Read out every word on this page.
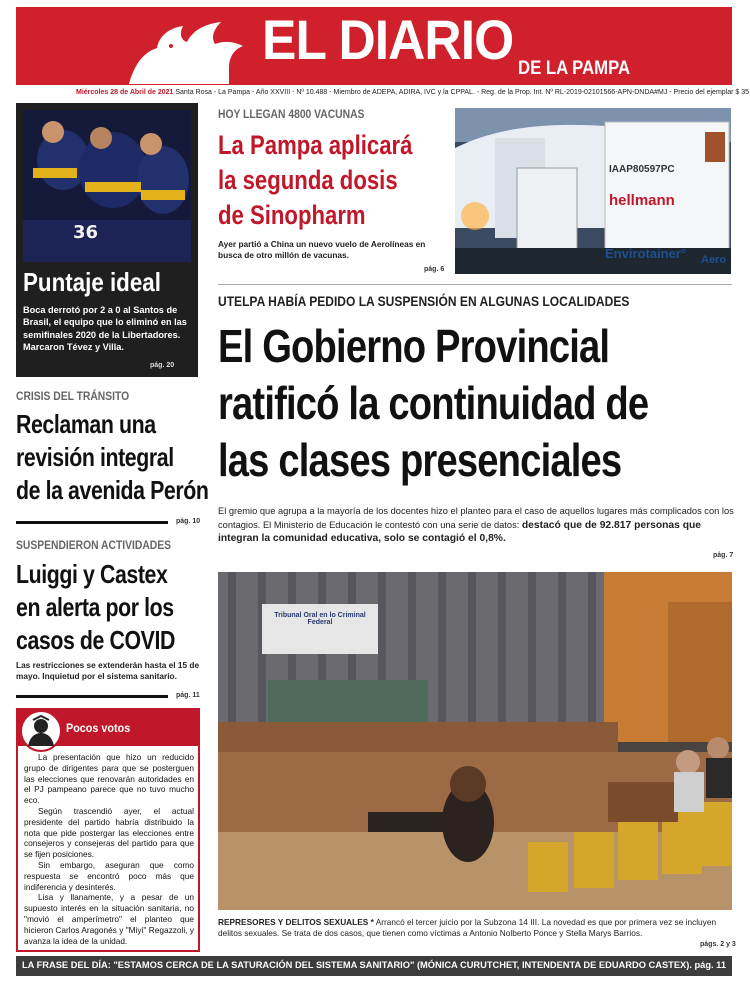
EL DIARIO DE LA PAMPA
Miércoles 28 de Abril de 2021 Santa Rosa - La Pampa - Año XXVIII - Nº 10.488 - Miembro de ADEPA, ADIRA, IVC y la CPPAL. - Reg. de la Prop. Int. Nº RL-2019-02101566-APN-DNDA#MJ - Precio del ejemplar $ 35
36
Puntaje ideal
Boca derrotó por 2 a 0 al Santos de Brasil, el equipo que lo eliminó en las semifinales 2020 de la Libertadores. Marcaron Tévez y Villa.
pág. 20
CRISIS DEL TRÁNSITO
Reclaman una
revisión integral
de la avenida Perón
pág. 10
SUSPENDIERON ACTIVIDADES
Luiggi y Castex
en alerta por los
casos de COVID
Las restricciones se extenderán hasta el 15 de mayo. Inquietud por el sistema sanitario.
pág. 11
Pocos votos

La presentación que hizo un reducido grupo de dirigentes para que se posterguen las elecciones que renovarán autoridades en el PJ pampeano parece que no tuvo mucho eco.

Según trascendió ayer, el actual presidente del partido habría distribuido la nota que pide postergar las elecciones entre consejeros y consejeras del partido para que se fijen posiciones.

Sin embargo, aseguran que como respuesta se encontró poco más que indiferencia y desinterés.

Lisa y llanamente, y a pesar de un supuesto interés en la situación sanitaria, no "movió el amperímetro" el planteo que hicieron Carlos Aragonés y "Miyi" Regazzoli, y avanza la idea de la unidad.

HOY LLEGAN 4800 VACUNAS
La Pampa aplicará
la segunda dosis
de Sinopharm
Ayer partió a China un nuevo vuelo de Aerolíneas en busca de otro millón de vacunas.
pág. 6
IAAP80597PC
hellmann
Envirotainer° Aero
UTELPA HABÍA PEDIDO LA SUSPENSIÓN EN ALGUNAS LOCALIDADES
El Gobierno Provincial
ratificó la continuidad de
las clases presenciales
El gremio que agrupa a la mayoría de los docentes hizo el planteo para el caso de aquellos lugares más complicados con los contagios. El Ministerio de Educación le contestó con una serie de datos: destacó que de 92.817 personas que integran la comunidad educativa, solo se contagió el 0,8%.
pág. 7
Tribunal Oral en lo Criminal Federal
REPRESORES Y DELITOS SEXUALES * Arrancó el tercer juicio por la Subzona 14 III. La novedad es que por primera vez se incluyen delitos sexuales. Se trata de dos casos, que tienen como víctimas a Antonio Nolberto Ponce y Stella Marys Barrios.
págs. 2 y 3
LA FRASE DEL DÍA: "ESTAMOS CERCA DE LA SATURACIÓN DEL SISTEMA SANITARIO" (MÓNICA CURUTCHET, INTENDENTA DE EDUARDO CASTEX). pág. 11
